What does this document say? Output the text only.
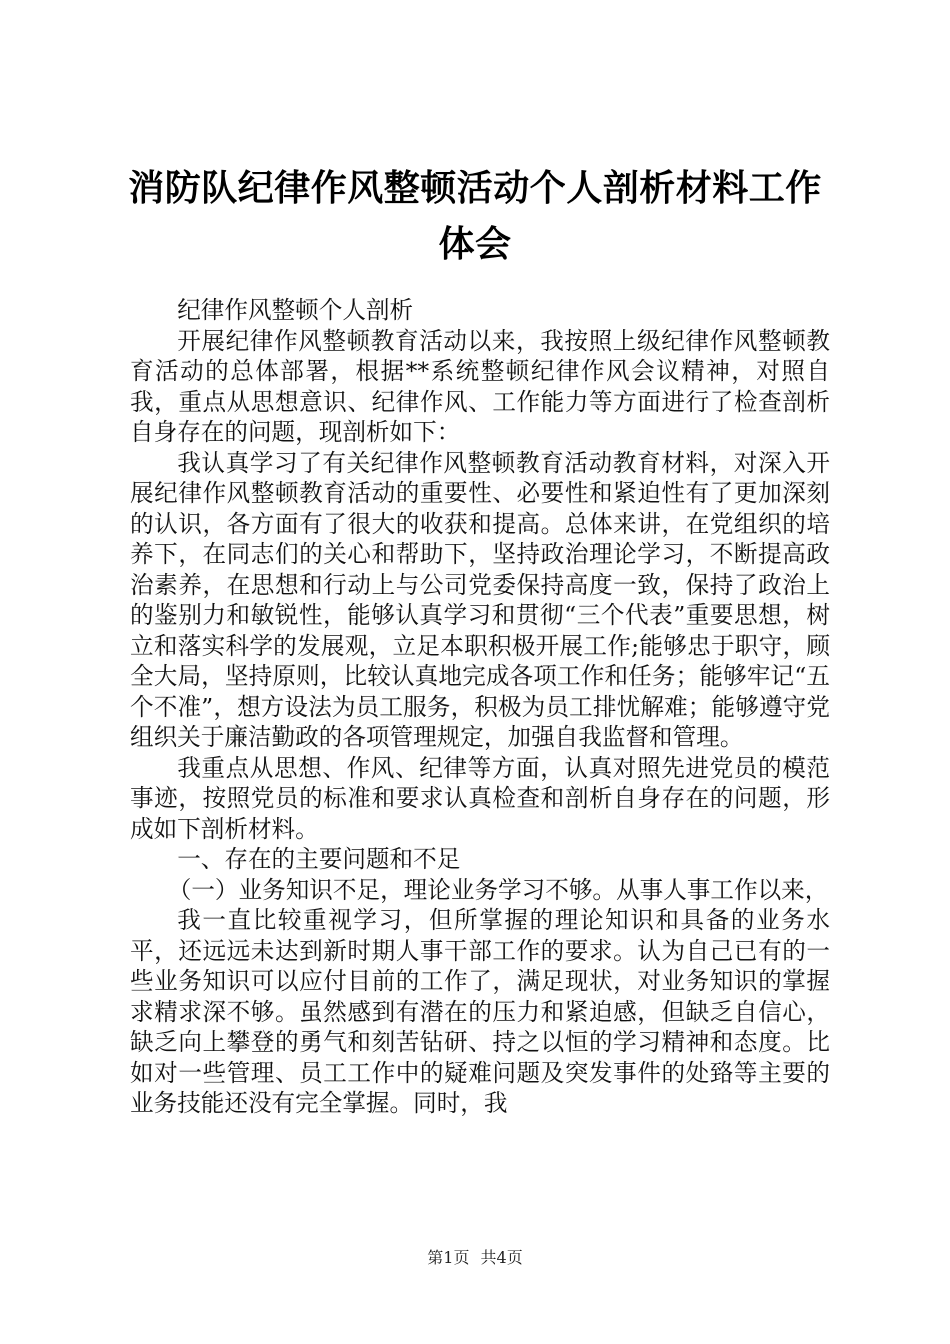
消防队纪律作风整顿活动个人剖析材料工作体会

纪律作风整顿个人剖析

开展纪律作风整顿教育活动以来，我按照上级纪律作风整顿教育活动的总体部署，根据**系统整顿纪律作风会议精神，对照自我，重点从思想意识、纪律作风、工作能力等方面进行了检查剖析自身存在的问题，现剖析如下：

我认真学习了有关纪律作风整顿教育活动教育材料，对深入开展纪律作风整顿教育活动的重要性、必要性和紧迫性有了更加深刻的认识，各方面有了很大的收获和提高。总体来讲，在党组织的培养下，在同志们的关心和帮助下，坚持政治理论学习，不断提高政治素养，在思想和行动上与公司党委保持高度一致，保持了政治上的鉴别力和敏锐性，能够认真学习和贯彻“三个代表”重要思想，树立和落实科学的发展观，立足本职积极开展工作;能够忠于职守，顾全大局，坚持原则，比较认真地完成各项工作和任务；能够牢记“五个不准”，想方设法为员工服务，积极为员工排忧解难；能够遵守党组织关于廉洁勤政的各项管理规定，加强自我监督和管理。

我重点从思想、作风、纪律等方面，认真对照先进党员的模范事迹，按照党员的标准和要求认真检查和剖析自身存在的问题，形成如下剖析材料。

一、存在的主要问题和不足

（一）业务知识不足，理论业务学习不够。从事人事工作以来，

我一直比较重视学习，但所掌握的理论知识和具备的业务水平，还远远未达到新时期人事干部工作的要求。认为自己已有的一些业务知识可以应付目前的工作了，满足现状，对业务知识的掌握求精求深不够。虽然感到有潜在的压力和紧迫感，但缺乏自信心，缺乏向上攀登的勇气和刻苦钻研、持之以恒的学习精神和态度。比如对一些管理、员工工作中的疑难问题及突发事件的处臵等主要的业务技能还没有完全掌握。同时，我

第1页 共4页
